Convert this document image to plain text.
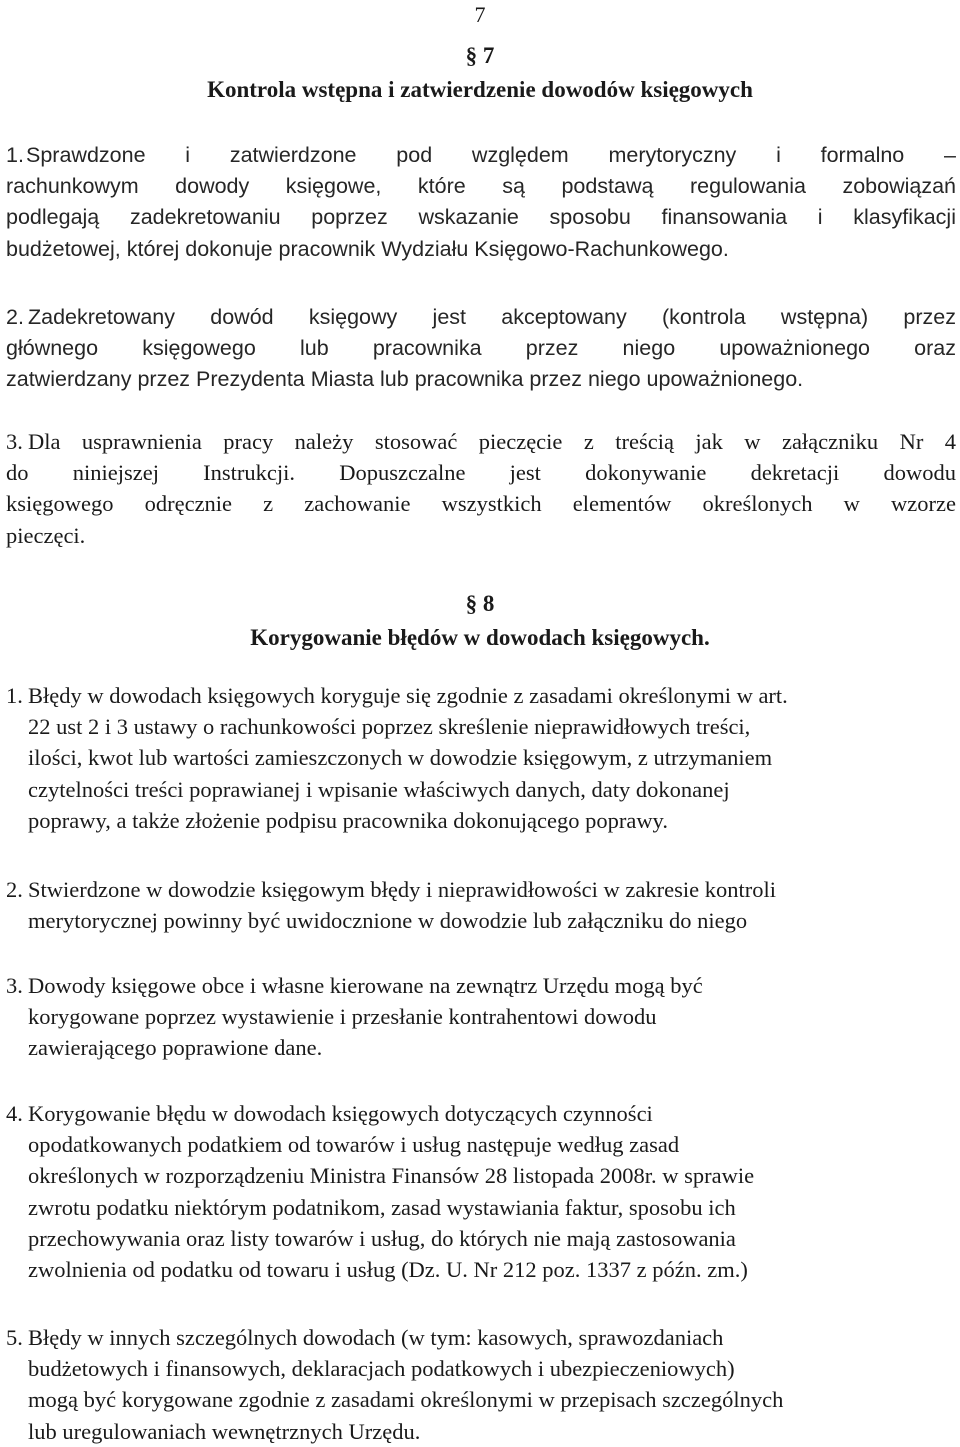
7
§ 7
Kontrola wstępna i zatwierdzenie dowodów księgowych
1. Sprawdzone i zatwierdzone pod względem merytoryczny i formalno –
rachunkowym dowody księgowe, które są podstawą regulowania zobowiązań
podlegają zadekretowaniu poprzez wskazanie sposobu finansowania i klasyfikacji
budżetowej, której dokonuje pracownik Wydziału Księgowo-Rachunkowego.
2. Zadekretowany dowód księgowy jest akceptowany (kontrola wstępna) przez
głównego księgowego lub pracownika przez niego upoważnionego oraz
zatwierdzany przez Prezydenta Miasta lub pracownika przez niego upoważnionego.
3. Dla usprawnienia pracy należy stosować pieczęcie z treścią jak w załączniku Nr 4
do niniejszej Instrukcji. Dopuszczalne jest dokonywanie dekretacji dowodu
księgowego odręcznie z zachowanie wszystkich elementów określonych w wzorze
pieczęci.
§ 8
Korygowanie błędów w dowodach księgowych.
1. Błędy w dowodach księgowych koryguje się zgodnie z zasadami określonymi w art.
22 ust 2 i 3 ustawy o rachunkowości poprzez skreślenie nieprawidłowych treści,
ilości, kwot lub wartości zamieszczonych w dowodzie księgowym, z utrzymaniem
czytelności treści poprawianej i wpisanie właściwych danych, daty dokonanej
poprawy, a także złożenie podpisu pracownika dokonującego poprawy.
2. Stwierdzone w dowodzie księgowym błędy i nieprawidłowości w zakresie kontroli
merytorycznej powinny być uwidocznione w dowodzie lub załączniku do niego
3. Dowody księgowe obce i własne kierowane na zewnątrz Urzędu mogą być
korygowane poprzez wystawienie i przesłanie kontrahentowi dowodu
zawierającego poprawione dane.
4. Korygowanie błędu w dowodach księgowych dotyczących czynności
opodatkowanych podatkiem od towarów i usług następuje według zasad
określonych w rozporządzeniu Ministra Finansów 28 listopada 2008r. w sprawie
zwrotu podatku niektórym podatnikom, zasad wystawiania faktur, sposobu ich
przechowywania oraz listy towarów i usług, do których nie mają zastosowania
zwolnienia od podatku od towaru i usług (Dz. U. Nr 212 poz. 1337 z późn. zm.)
5. Błędy w innych szczególnych dowodach (w tym: kasowych, sprawozdaniach
budżetowych i finansowych, deklaracjach podatkowych i ubezpieczeniowych)
mogą być korygowane zgodnie z zasadami określonymi w przepisach szczególnych
lub uregulowaniach wewnętrznych Urzędu.
